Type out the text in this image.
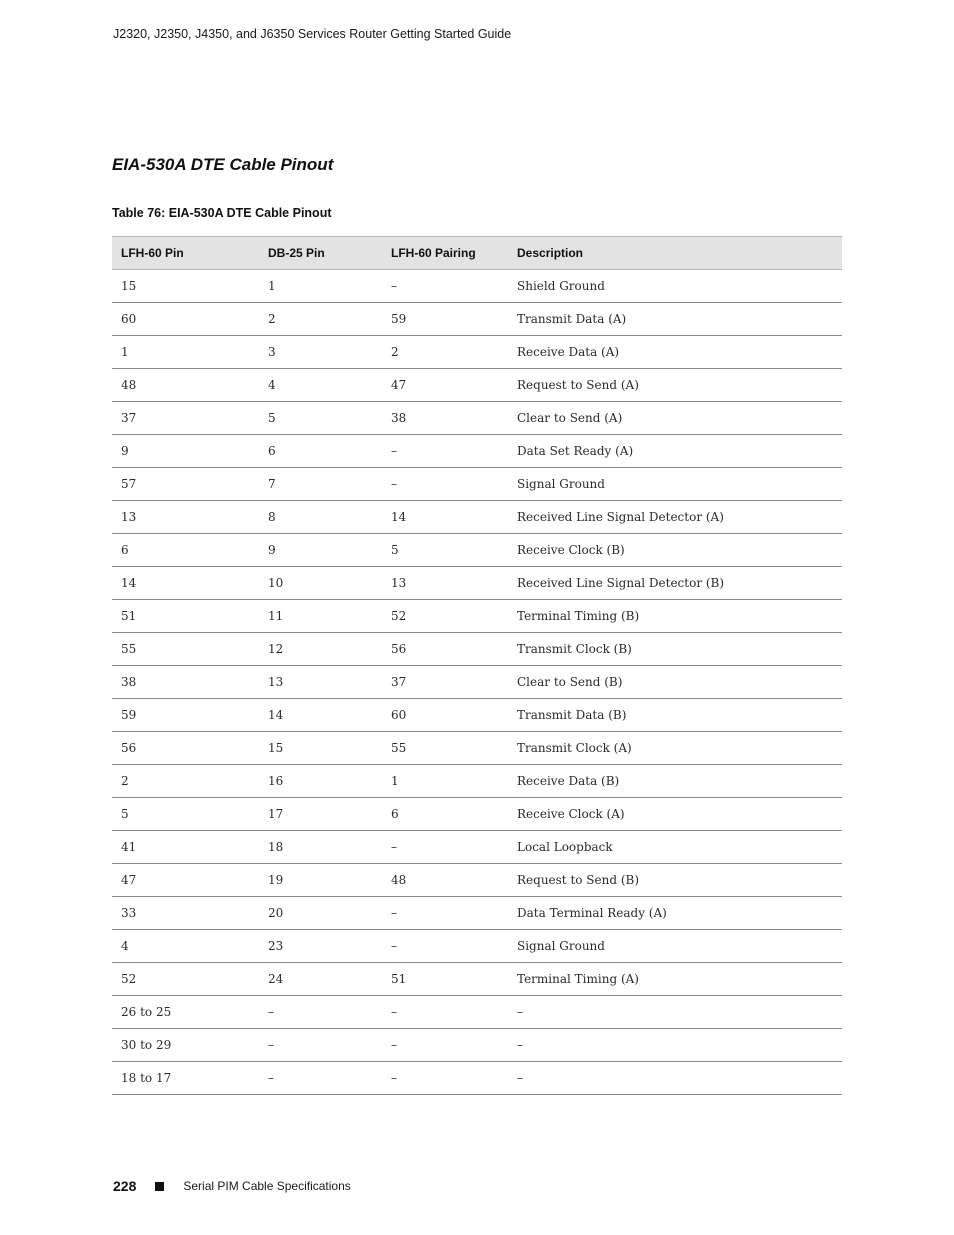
J2320, J2350, J4350, and J6350 Services Router Getting Started Guide
EIA-530A DTE Cable Pinout
Table 76: EIA-530A DTE Cable Pinout
LFH-60 Pin	DB-25 Pin	LFH-60 Pairing	Description
15	1	–	Shield Ground
60	2	59	Transmit Data (A)
1	3	2	Receive Data (A)
48	4	47	Request to Send (A)
37	5	38	Clear to Send (A)
9	6	–	Data Set Ready (A)
57	7	–	Signal Ground
13	8	14	Received Line Signal Detector (A)
6	9	5	Receive Clock (B)
14	10	13	Received Line Signal Detector (B)
51	11	52	Terminal Timing (B)
55	12	56	Transmit Clock (B)
38	13	37	Clear to Send (B)
59	14	60	Transmit Data (B)
56	15	55	Transmit Clock (A)
2	16	1	Receive Data (B)
5	17	6	Receive Clock (A)
41	18	–	Local Loopback
47	19	48	Request to Send (B)
33	20	–	Data Terminal Ready (A)
4	23	–	Signal Ground
52	24	51	Terminal Timing (A)
26 to 25	–	–	–
30 to 29	–	–	–
18 to 17	–	–	–
228	Serial PIM Cable Specifications
